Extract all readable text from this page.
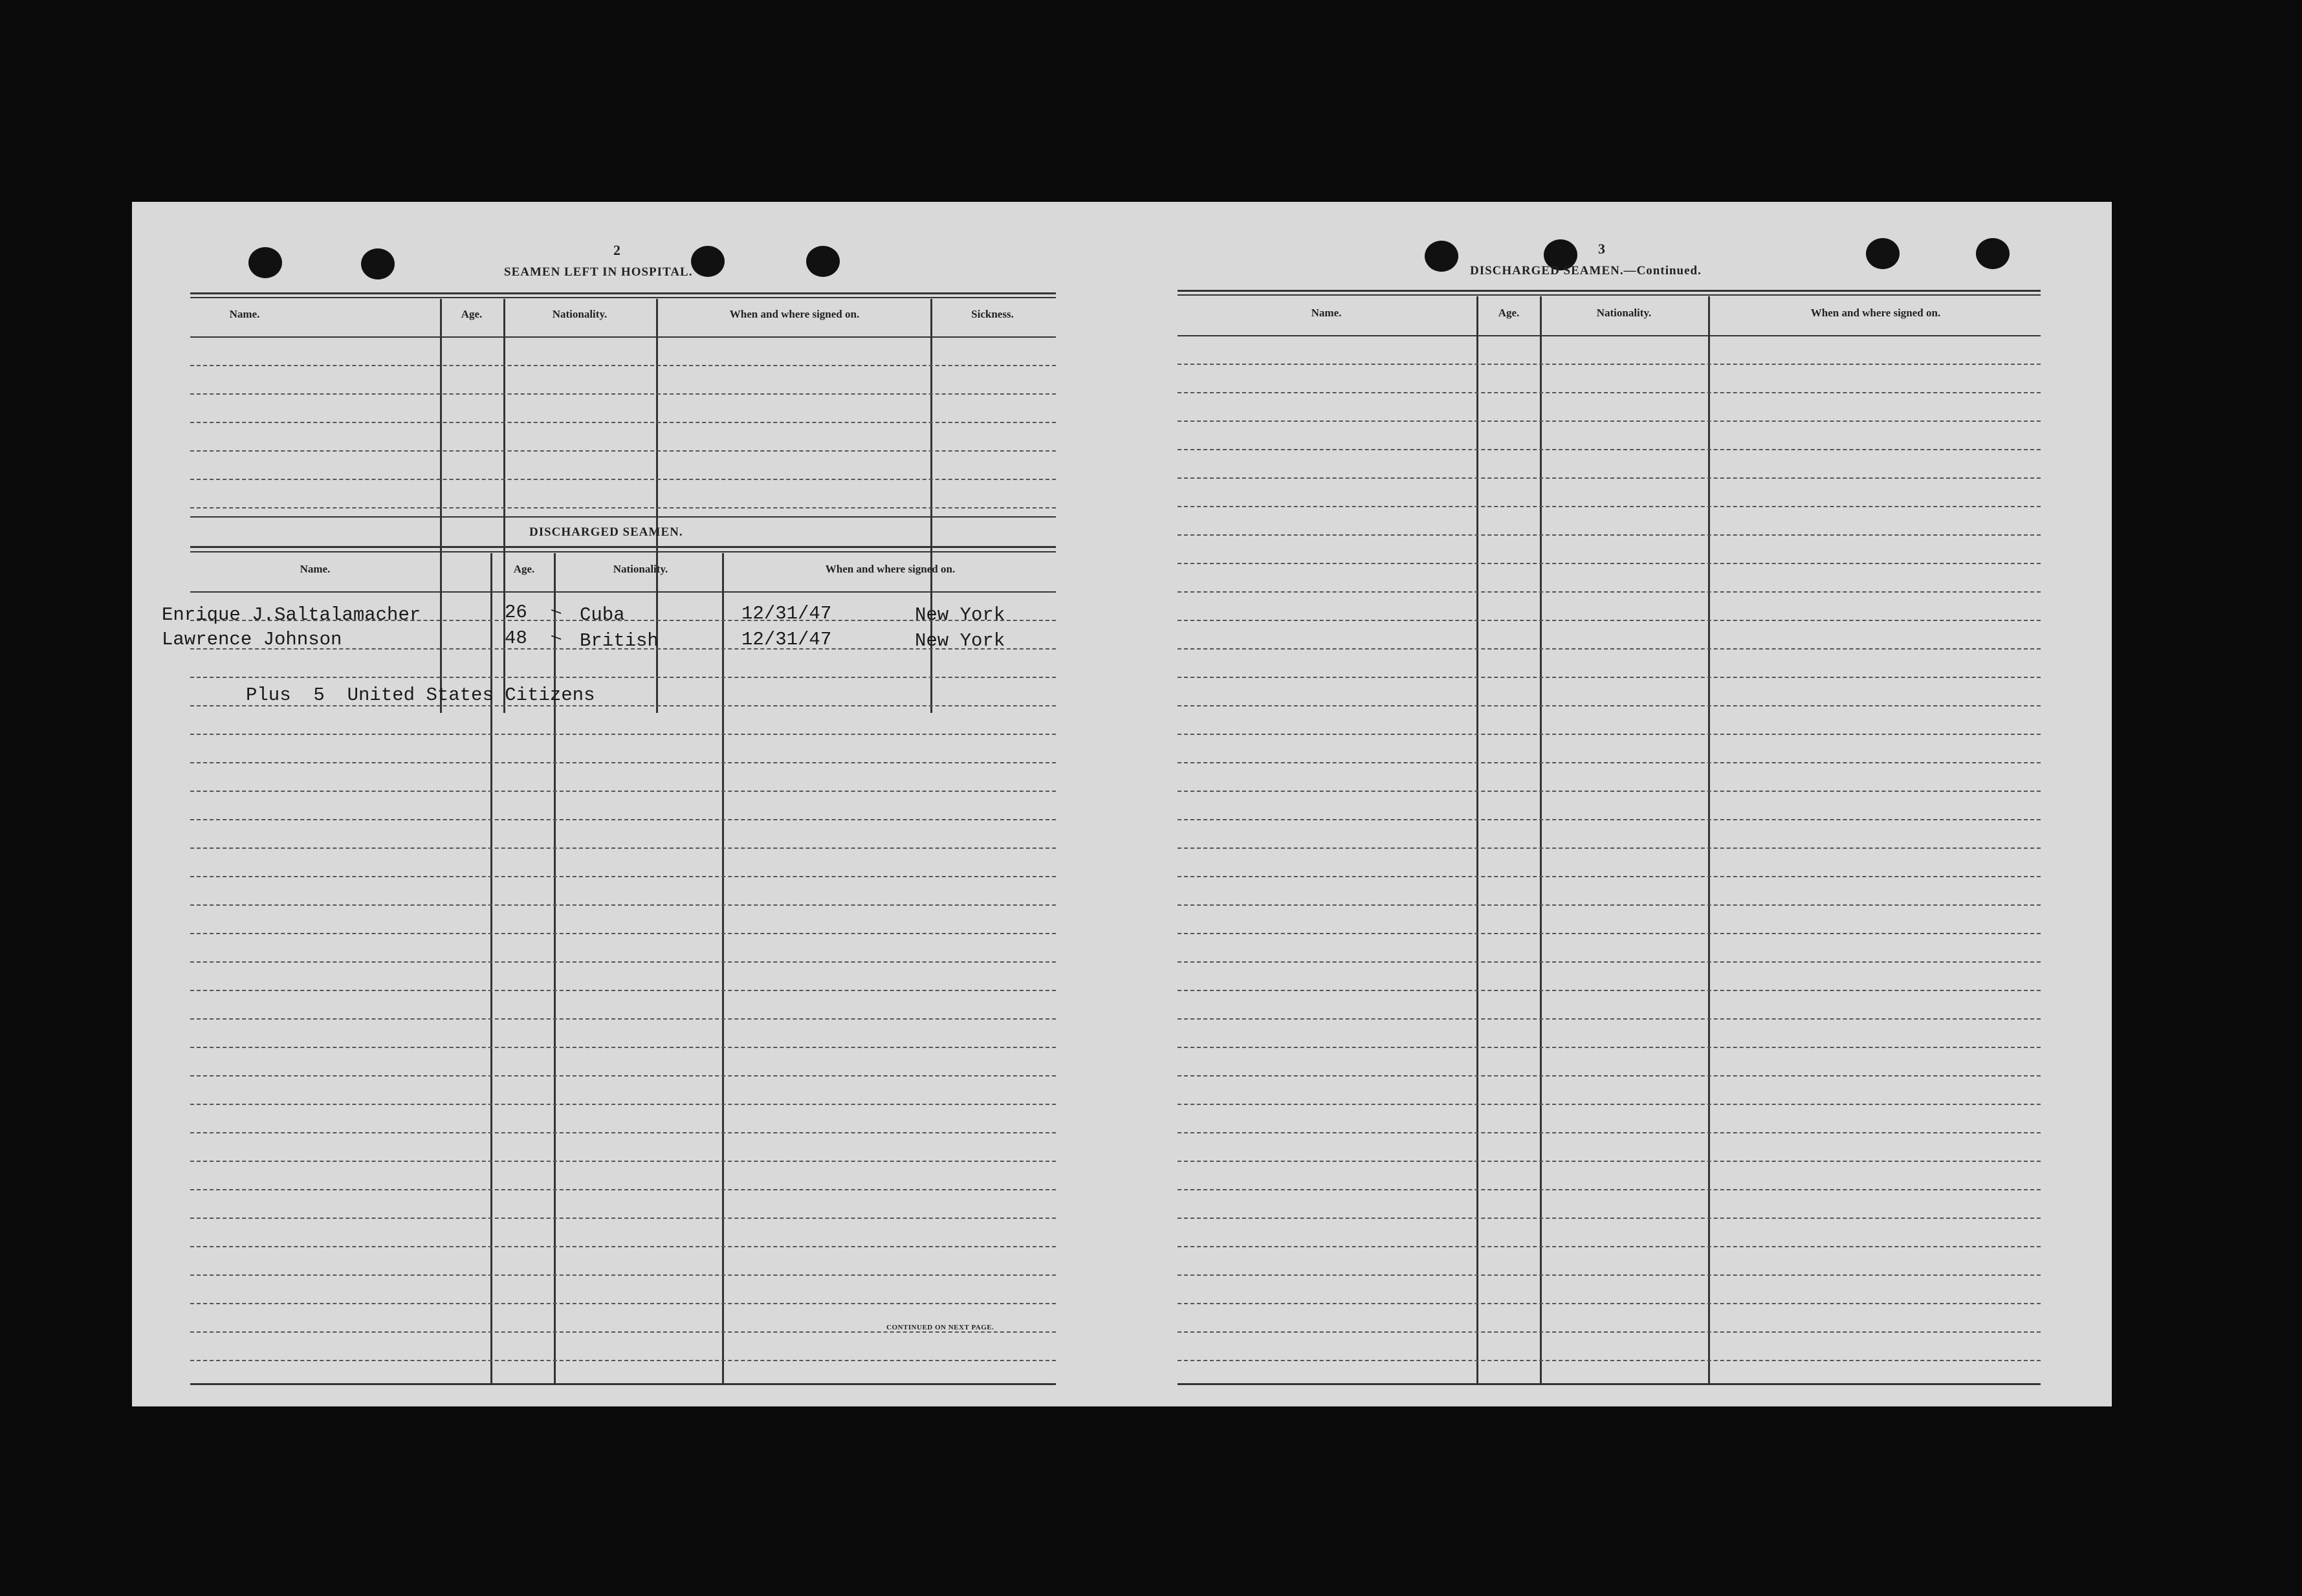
2
SEAMEN LEFT IN HOSPITAL.
Name.	Age.	Nationality.	When and where signed on.	Sickness.
DISCHARGED SEAMEN.
Name.	Age.	Nationality.	When and where signed on.
Enrique J.Saltalamacher	26 — Cuba	12/31/47	New York
Lawrence Johnson	48 — British	12/31/47	New York
Plus  5  United States Citizens
CONTINUED ON NEXT PAGE.
3
DISCHARGED SEAMEN.—Continued.
Name.	Age.	Nationality.	When and where signed on.
